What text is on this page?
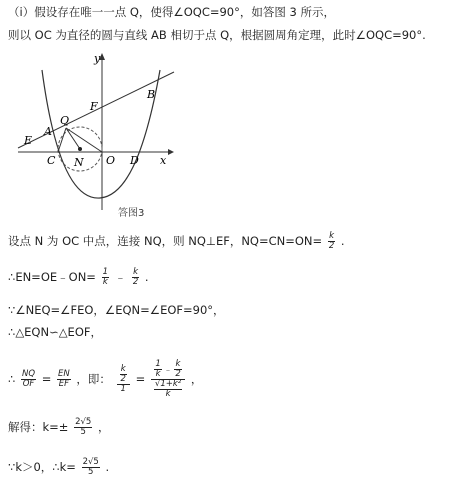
（i）假设存在唯一一点 Q，使得∠OQC=90°，如答图 3 所示，
则以 OC 为直径的圆与直线 AB 相切于点 Q，根据圆周角定理，此时∠OQC=90°.
y
x
B
F
Q
A
E
C N O D
答图3
设点 N 为 OC 中点，连接 NQ，则 NQ⊥EF，$NQ=CN=ON= \frac{k}{2}$ .
∴EN=OE﹣ON= $\frac{1}{k}$ ﹣ $\frac{k}{2}$ .
∵∠NEQ=∠FEO，∠EQN=∠EOF=90°，
∴△EQN∽△EOF，
∴ $\frac{NQ}{OF} = \frac{EN}{EF}$ ，即： $\frac{\frac{k}{2}}{1} = \frac{\frac{1}{k} ﹣ \frac{k}{2}}{\frac{\text{√1+k²}}{k}}$ ，
解得：$k=\pm \frac{2√5}{5}$ ，
∵k＞0，∴k= $\frac{2√5}{5}$ .
